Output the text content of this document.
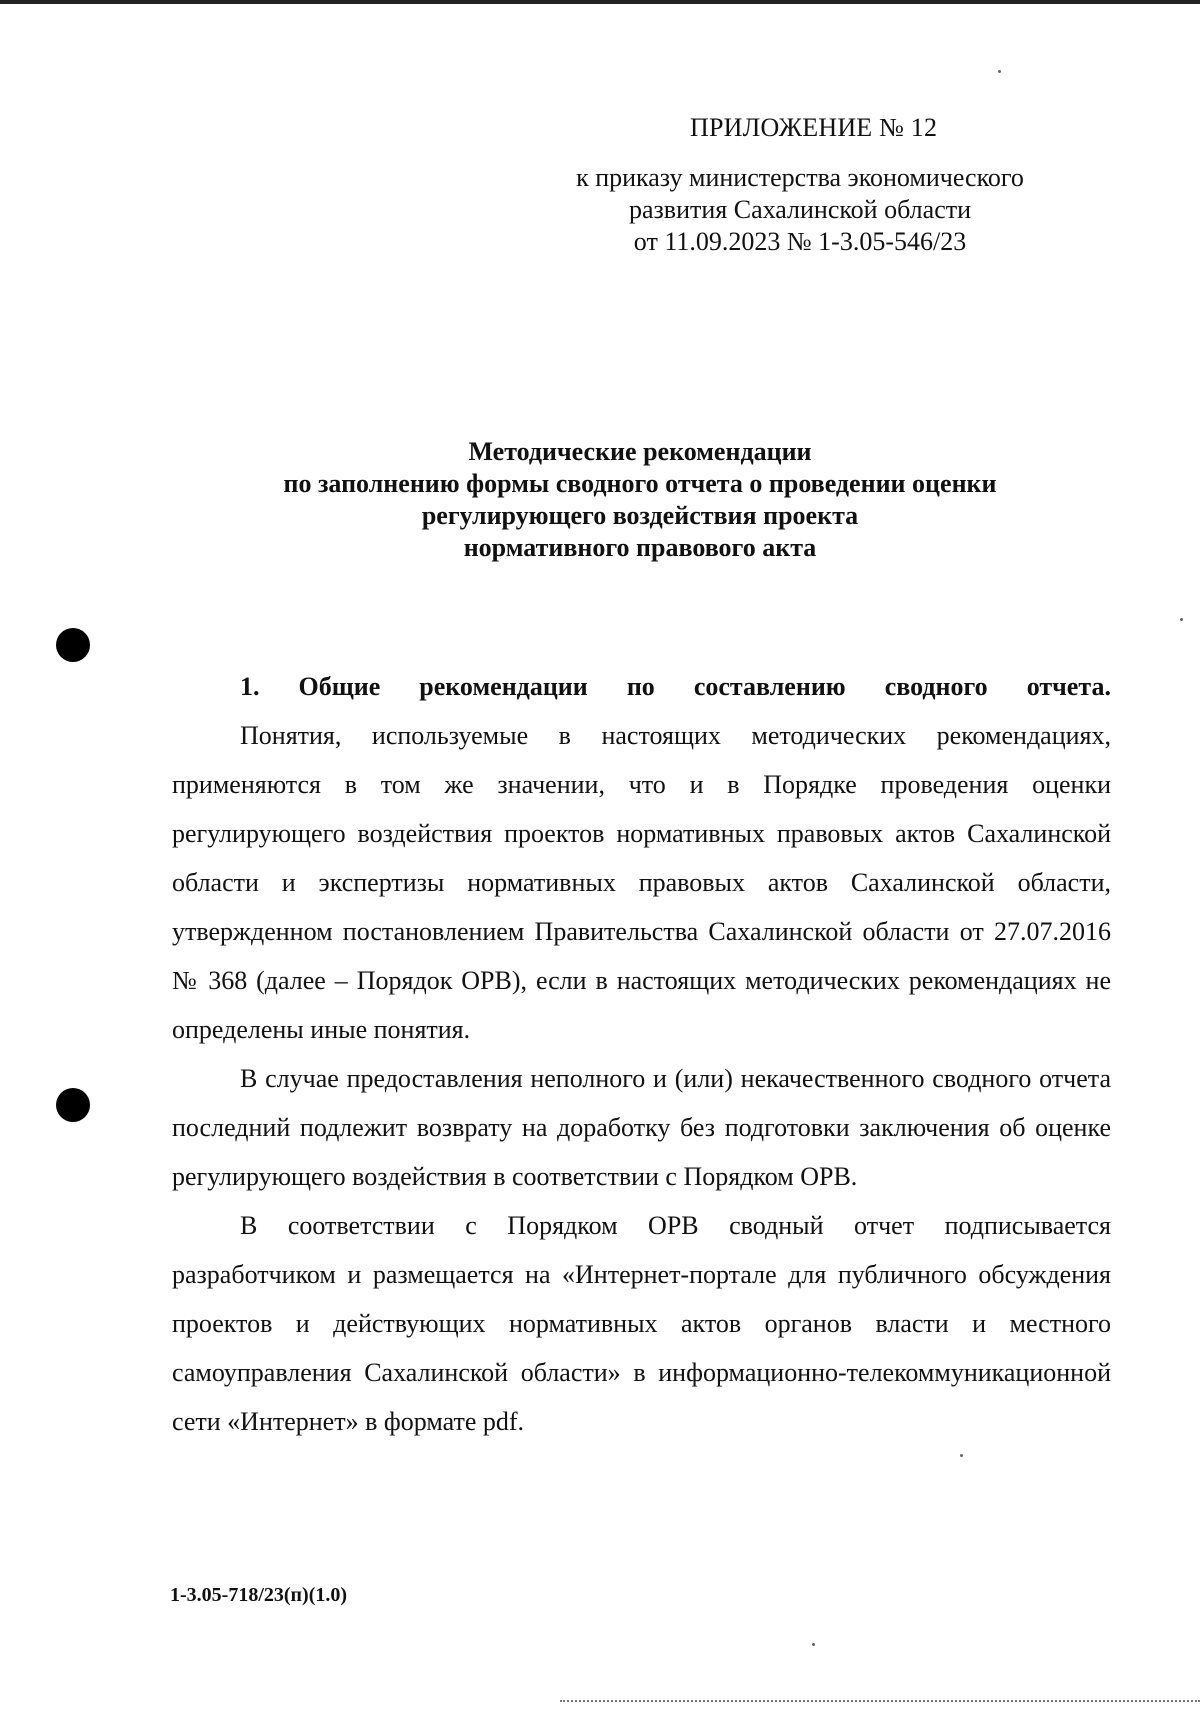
ПРИЛОЖЕНИЕ № 12
к приказу министерства экономического
развития Сахалинской области
от 11.09.2023 № 1-3.05-546/23
Методические рекомендации
по заполнению формы сводного отчета о проведении оценки
регулирующего воздействия проекта
нормативного правового акта
1. Общие рекомендации по составлению сводного отчета.

Понятия, используемые в настоящих методических рекомендациях, применяются в том же значении, что и в Порядке проведения оценки регулирующего воздействия проектов нормативных правовых актов Сахалинской области и экспертизы нормативных правовых актов Сахалинской области, утвержденном постановлением Правительства Сахалинской области от 27.07.2016 № 368 (далее – Порядок ОРВ), если в настоящих методических рекомендациях не определены иные понятия.

В случае предоставления неполного и (или) некачественного сводного отчета последний подлежит возврату на доработку без подготовки заключения об оценке регулирующего воздействия в соответствии с Порядком ОРВ.

В соответствии с Порядком ОРВ сводный отчет подписывается разработчиком и размещается на «Интернет-портале для публичного обсуждения проектов и действующих нормативных актов органов власти и местного самоуправления Сахалинской области» в информационно-телекоммуникационной сети «Интернет» в формате pdf.

1-3.05-718/23(п)(1.0)
